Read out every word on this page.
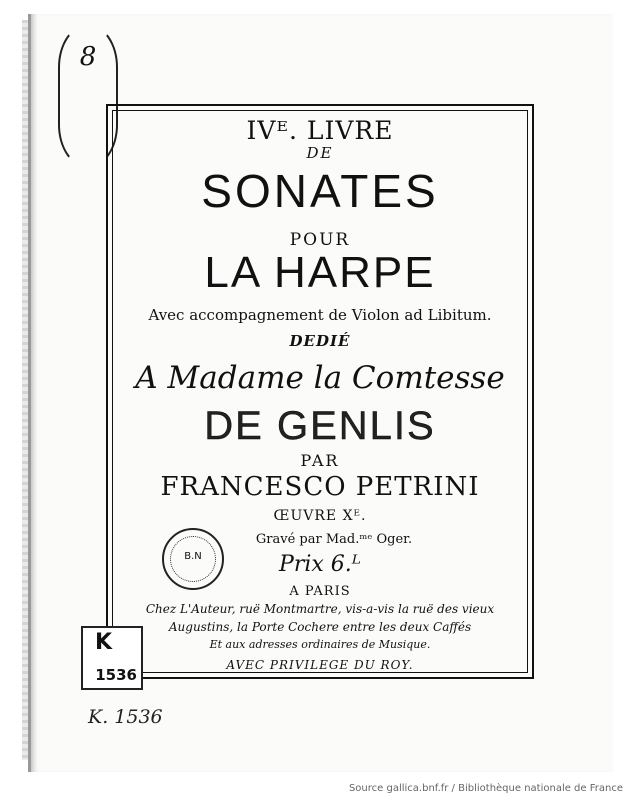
8
IVᴱ. LIVRE
DE
SONATES
POUR
LA HARPE
Avec accompagnement de Violon ad Libitum.
DEDIÉ
A Madame la Comtesse
DE GENLIS
PAR
FRANCESCO PETRINI
ŒUVRE Xᴱ.
Gravé par Mad.ᵐᵉ Oger.
Prix 6.ᴸ
A PARIS
Chez L'Auteur, ruë Montmartre, vis-a-vis la ruë des vieux
Augustins, la Porte Cochere entre les deux Caffés
Et aux adresses ordinaires de Musique.
AVEC PRIVILEGE DU ROY.
B.N
K
1536
K. 1536
Source gallica.bnf.fr / Bibliothèque nationale de France
